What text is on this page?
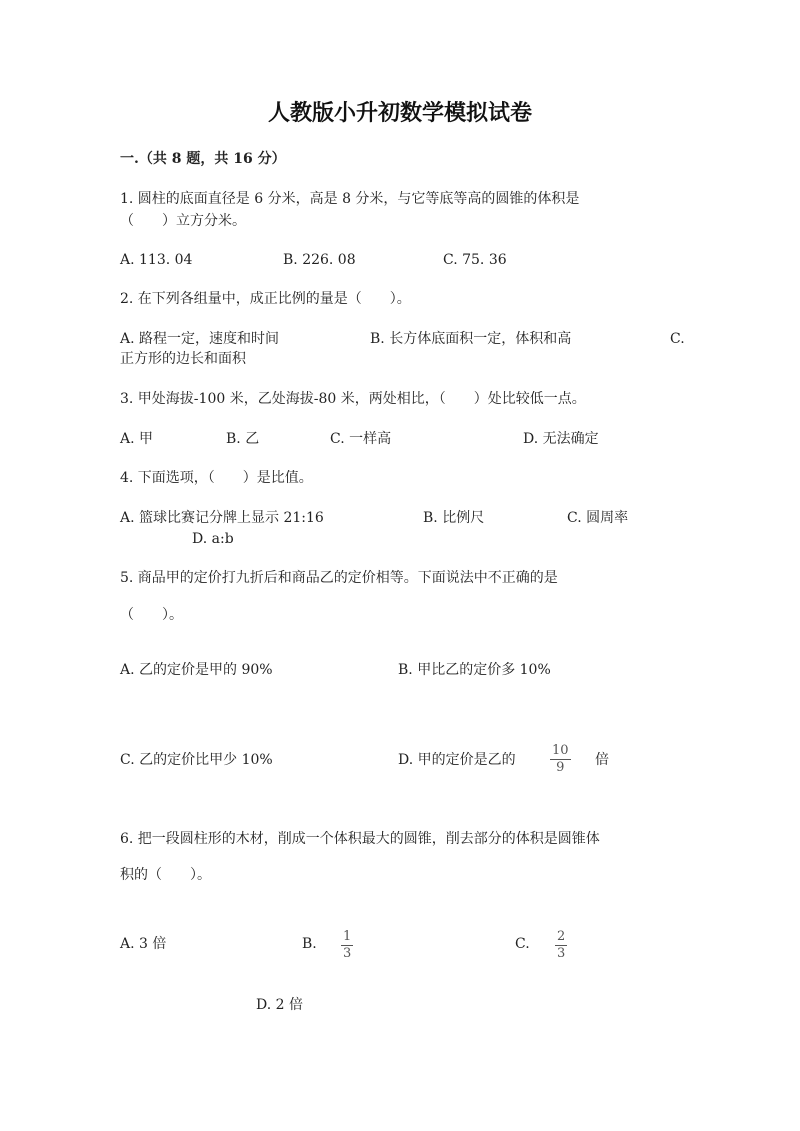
人教版小升初数学模拟试卷
一.（共 8 题，共 16 分）
1. 圆柱的底面直径是 6 分米，高是 8 分米，与它等底等高的圆锥的体积是
（　　）立方分米。
A. 113. 04	B. 226. 08	C. 75. 36
2. 在下列各组量中，成正比例的量是（　　）。
A. 路程一定，速度和时间	B. 长方体底面积一定，体积和高	C.
正方形的边长和面积
3. 甲处海拔-100 米，乙处海拔-80 米，两处相比，（　　）处比较低一点。
A. 甲	B. 乙	C. 一样高	D. 无法确定
4. 下面选项，（　　）是比值。
A. 篮球比赛记分牌上显示 21:16	B. 比例尺	C. 圆周率
D. a:b
5. 商品甲的定价打九折后和商品乙的定价相等。下面说法中不正确的是
（　　）。
A. 乙的定价是甲的 90%	B. 甲比乙的定价多 10%
C. 乙的定价比甲少 10%	D. 甲的定价是乙的
10
9 倍
6. 把一段圆柱形的木材，削成一个体积最大的圆锥，削去部分的体积是圆锥体
积的（　　）。
A. 3 倍	B. 1
3
C. 2
3
D. 2 倍
